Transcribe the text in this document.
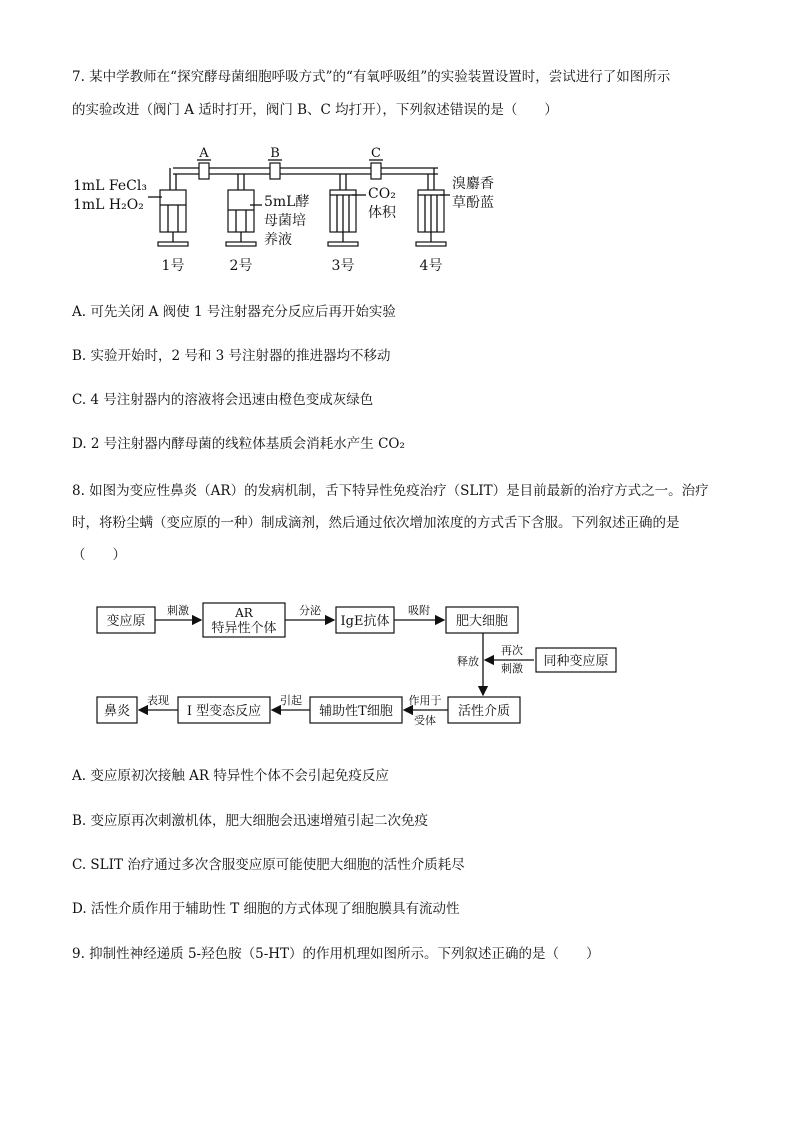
7. 某中学教师在“探究酵母菌细胞呼吸方式”的“有氧呼吸组”的实验装置设置时，尝试进行了如图所示
的实验改进（阀门 A 适时打开，阀门 B、C 均打开），下列叙述错误的是（　　）
A	B	C
1mL FeCl₃
1mL H₂O₂	5mL酵
母菌培
养液
CO₂
体积
溴麝香
草酚蓝
1号	2号	3号	4号
A. 可先关闭 A 阀使 1 号注射器充分反应后再开始实验
B. 实验开始时，2 号和 3 号注射器的推进器均不移动
C. 4 号注射器内的溶液将会迅速由橙色变成灰绿色
D. 2 号注射器内酵母菌的线粒体基质会消耗水产生 CO₂
8. 如图为变应性鼻炎（AR）的发病机制，舌下特异性免疫治疗（SLIT）是目前最新的治疗方式之一。治疗
时，将粉尘螨（变应原的一种）制成滴剂，然后通过依次增加浓度的方式舌下含服。下列叙述正确的是
（　　）
变应原
AR
特异性个体	IgE抗体	肥大细胞
同种变应原
鼻炎	Ⅰ 型变态反应	辅助性T细胞	活性介质
刺激	分泌	吸附
释放
再次
刺激
作用于
受体
引起
表现
A. 变应原初次接触 AR 特异性个体不会引起免疫反应
B. 变应原再次刺激机体，肥大细胞会迅速增殖引起二次免疫
C. SLIT 治疗通过多次含服变应原可能使肥大细胞的活性介质耗尽
D. 活性介质作用于辅助性 T 细胞的方式体现了细胞膜具有流动性
9. 抑制性神经递质 5-羟色胺（5-HT）的作用机理如图所示。下列叙述正确的是（　　）
